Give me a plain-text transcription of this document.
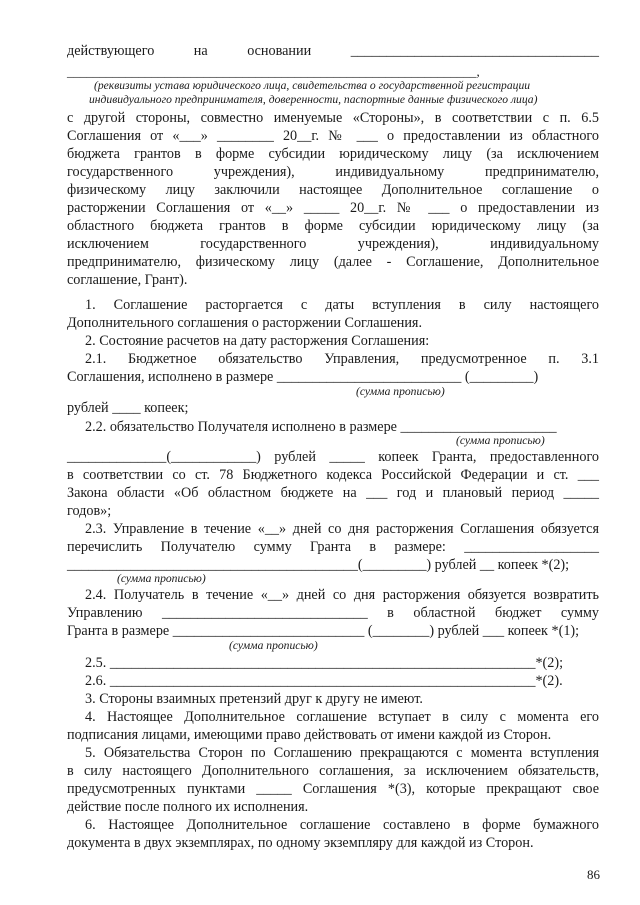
действующего на основании ___________________________________
_______________________________________________________________,
(реквизиты устава юридического лица, свидетельства о государственной регистрации
индивидуального предпринимателя, доверенности, паспортные данные физического лица)
с другой стороны, совместно именуемые «Стороны», в соответствии с п. 6.5
Соглашения от «___» ________ 20__г. № ___ о предоставлении из областного
бюджета грантов в форме субсидии юридическому лицу (за исключением
государственного учреждения), индивидуальному предпринимателю,
физическому лицу заключили настоящее Дополнительное соглашение о
расторжении Соглашения от «__» _____ 20__г. № ___ о предоставлении из
областного бюджета грантов в форме субсидии юридическому лицу (за
исключением государственного учреждения), индивидуальному
предпринимателю, физическому лицу (далее - Соглашение, Дополнительное
соглашение, Грант).
1. Соглашение расторгается с даты вступления в силу настоящего
Дополнительного соглашения о расторжении Соглашения.
2. Состояние расчетов на дату расторжения Соглашения:
2.1. Бюджетное обязательство Управления, предусмотренное п. 3.1
Соглашения, исполнено в размере __________________________ (_________)
(сумма прописью)
рублей ____ копеек;
2.2. обязательство Получателя исполнено в размере ______________________
(сумма прописью)
______________(____________) рублей _____ копеек Гранта, предоставленного
в соответствии со ст. 78 Бюджетного кодекса Российской Федерации и ст. ___
Закона области «Об областном бюджете на ___ год и плановый период _____
годов»;
2.3. Управление в течение «__» дней со дня расторжения Соглашения обязуется
перечислить Получателю сумму Гранта в размере: ___________________
_________________________________________(_________) рублей __ копеек *(2);
(сумма прописью)
2.4. Получатель в течение «__» дней со дня расторжения обязуется возвратить
Управлению _____________________________ в областной бюджет сумму
Гранта в размере ___________________________ (________) рублей ___ копеек *(1);
(сумма прописью)
2.5. ____________________________________________________________*(2);
2.6. ____________________________________________________________*(2).
3. Стороны взаимных претензий друг к другу не имеют.
4. Настоящее Дополнительное соглашение вступает в силу с момента его
подписания лицами, имеющими право действовать от имени каждой из Сторон.
5. Обязательства Сторон по Соглашению прекращаются с момента вступления
в силу настоящего Дополнительного соглашения, за исключением обязательств,
предусмотренных пунктами _____ Соглашения *(3), которые прекращают свое
действие после полного их исполнения.
6. Настоящее Дополнительное соглашение составлено в форме бумажного
документа в двух экземплярах, по одному экземпляру для каждой из Сторон.
86
